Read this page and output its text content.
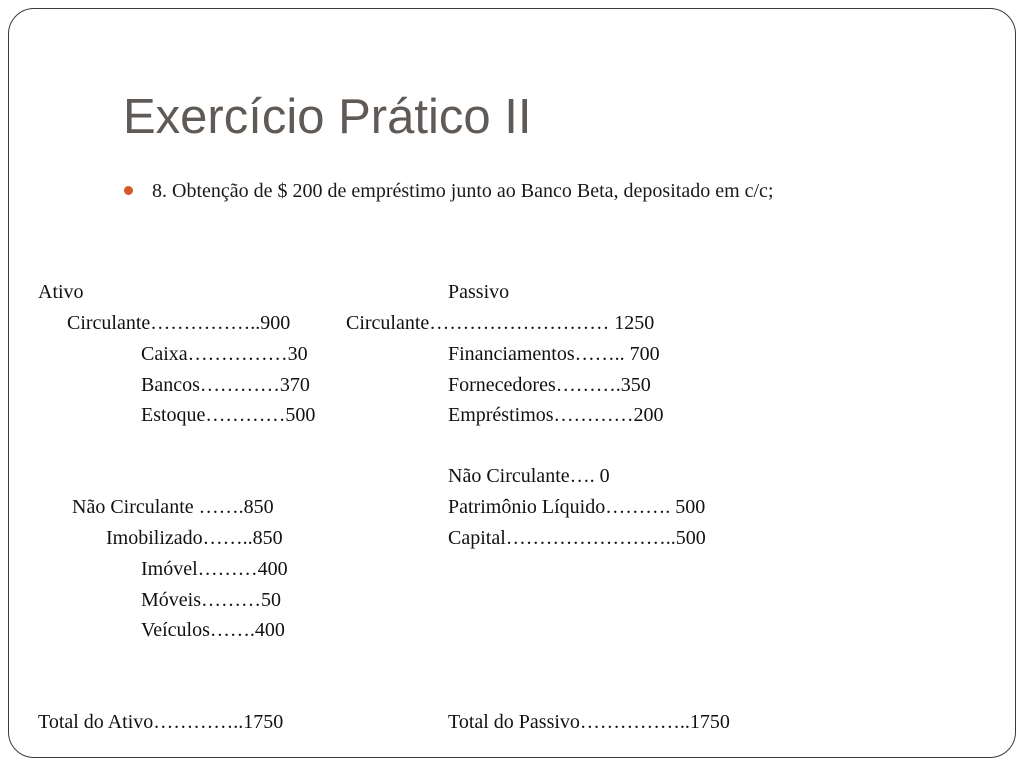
Exercício Prático II
8. Obtenção de $ 200 de empréstimo junto ao Banco Beta, depositado em c/c;
Ativo
Circulante……………..900
Caixa……………30
Bancos…………370
Estoque…………500
Não Circulante …….850
Imobilizado……..850
Imóvel………400
Móveis………50
Veículos…….400
Total do Ativo…………..1750
Passivo
Circulante……………………… 1250
Financiamentos…….. 700
Fornecedores……….350
Empréstimos…………200
Não Circulante…. 0
Patrimônio Líquido………. 500
Capital……………………..500
Total do Passivo……………..1750
